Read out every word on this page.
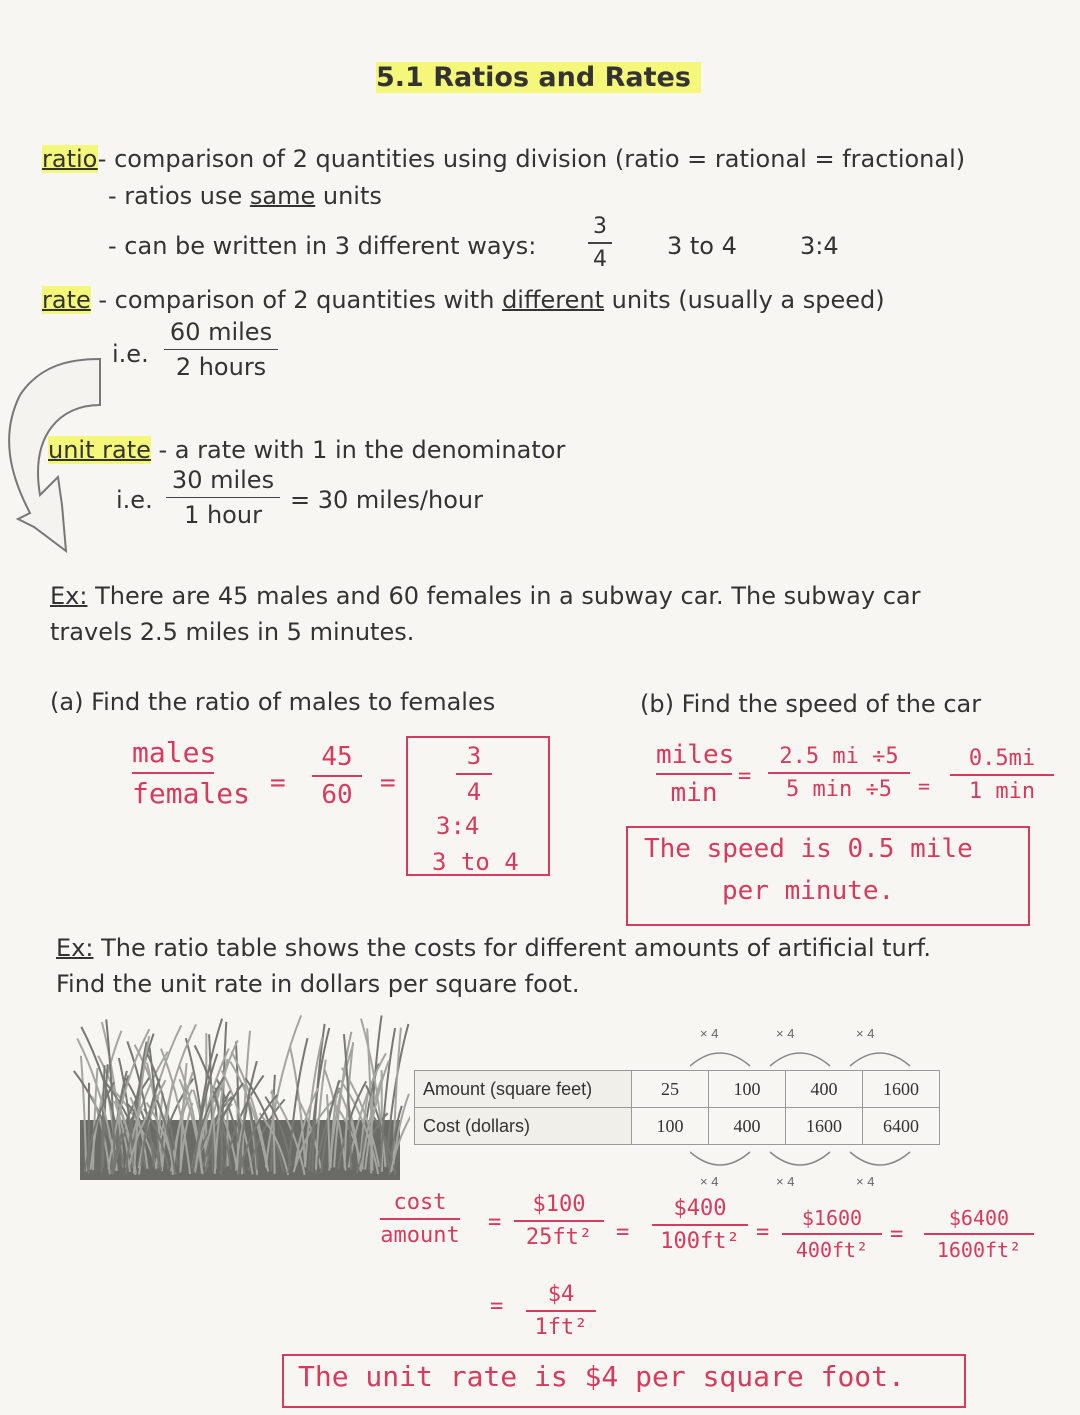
5.1 Ratios and Rates
ratio- comparison of 2 quantities using division (ratio = rational = fractional)
- ratios use same units
- can be written in 3 different ways:
3
4	3 to 4	3:4
rate - comparison of 2 quantities with different units (usually a speed)
i.e.
60 miles
2 hours
unit rate - a rate with 1 in the denominator
i.e.
30 miles
1 hour
= 30 miles/hour
Ex: There are 45 males and 60 females in a subway car. The subway car
travels 2.5 miles in 5 minutes.
(a) Find the ratio of males to females	(b) Find the speed of the car
males
females =
45
60	=
3
4
3:4
3 to 4
miles
min
=
2.5 mi ÷5
5 min ÷5	=
0.5mi
1 min
The speed is 0.5 mile
per minute.
Ex: The ratio table shows the costs for different amounts of artificial turf.
Find the unit rate in dollars per square foot.
× 4	× 4	× 4
Amount (square feet)	25	100	400	1600
Cost (dollars)	100	400	1600	6400
× 4	× 4	× 4
cost
amount
=
$100
25ft²	=
$400
100ft² =
$1600
400ft²
=
$6400
1600ft²
=	$4
1ft²
The unit rate is $4 per square foot.
